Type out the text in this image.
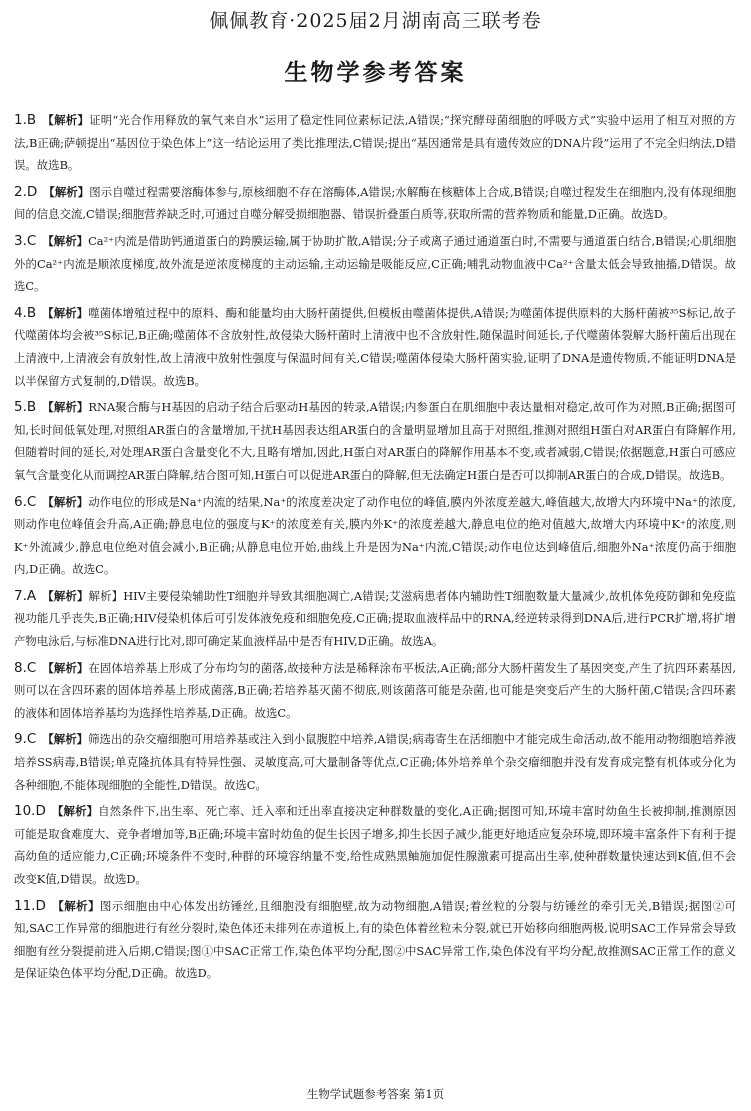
佩佩教育·2025届2月湖南高三联考卷
生物学参考答案

1.B 【解析】证明“光合作用释放的氧气来自水”运用了稳定性同位素标记法,A错误;“探究酵母菌细胞的呼吸方式”实验中运用了相互对照的方法,B正确;萨顿提出“基因位于染色体上”这一结论运用了类比推理法,C错误;提出“基因通常是具有遗传效应的DNA片段”运用了不完全归纳法,D错误。故选B。

2.D 【解析】图示自噬过程需要溶酶体参与,原核细胞不存在溶酶体,A错误;水解酶在核糖体上合成,B错误;自噬过程发生在细胞内,没有体现细胞间的信息交流,C错误;细胞营养缺乏时,可通过自噬分解受损细胞器、错误折叠蛋白质等,获取所需的营养物质和能量,D正确。故选D。

3.C 【解析】Ca²⁺内流是借助钙通道蛋白的跨膜运输,属于协助扩散,A错误;分子或离子通过通道蛋白时,不需要与通道蛋白结合,B错误;心肌细胞外的Ca²⁺内流是顺浓度梯度,故外流是逆浓度梯度的主动运输,主动运输是吸能反应,C正确;哺乳动物血液中Ca²⁺含量太低会导致抽搐,D错误。故选C。

4.B 【解析】噬菌体增殖过程中的原料、酶和能量均由大肠杆菌提供,但模板由噬菌体提供,A错误;为噬菌体提供原料的大肠杆菌被³⁵S标记,故子代噬菌体均会被³⁵S标记,B正确;噬菌体不含放射性,故侵染大肠杆菌时上清液中也不含放射性,随保温时间延长,子代噬菌体裂解大肠杆菌后出现在上清液中,上清液会有放射性,故上清液中放射性强度与保温时间有关,C错误;噬菌体侵染大肠杆菌实验,证明了DNA是遗传物质,不能证明DNA是以半保留方式复制的,D错误。故选B。

5.B 【解析】RNA聚合酶与H基因的启动子结合后驱动H基因的转录,A错误;内参蛋白在肌细胞中表达量相对稳定,故可作为对照,B正确;据图可知,长时间低氧处理,对照组AR蛋白的含量增加,干扰H基因表达组AR蛋白的含量明显增加且高于对照组,推测对照组H蛋白对AR蛋白有降解作用,但随着时间的延长,对处理AR蛋白含量变化不大,且略有增加,因此,H蛋白对AR蛋白的降解作用基本不变,或者减弱,C错误;依据题意,H蛋白可感应氧气含量变化从而调控AR蛋白降解,结合图可知,H蛋白可以促进AR蛋白的降解,但无法确定H蛋白是否可以抑制AR蛋白的合成,D错误。故选B。

6.C 【解析】动作电位的形成是Na⁺内流的结果,Na⁺的浓度差决定了动作电位的峰值,膜内外浓度差越大,峰值越大,故增大内环境中Na⁺的浓度,则动作电位峰值会升高,A正确;静息电位的强度与K⁺的浓度差有关,膜内外K⁺的浓度差越大,静息电位的绝对值越大,故增大内环境中K⁺的浓度,则K⁺外流减少,静息电位绝对值会减小,B正确;从静息电位开始,曲线上升是因为Na⁺内流,C错误;动作电位达到峰值后,细胞外Na⁺浓度仍高于细胞内,D正确。故选C。

7.A 【解析】解析】HIV主要侵染辅助性T细胞并导致其细胞凋亡,A错误;艾滋病患者体内辅助性T细胞数量大量减少,故机体免疫防御和免疫监视功能几乎丧失,B正确;HIV侵染机体后可引发体液免疫和细胞免疫,C正确;提取血液样品中的RNA,经逆转录得到DNA后,进行PCR扩增,将扩增产物电泳后,与标准DNA进行比对,即可确定某血液样品中是否有HIV,D正确。故选A。

8.C 【解析】在固体培养基上形成了分布均匀的菌落,故接种方法是稀释涂布平板法,A正确;部分大肠杆菌发生了基因突变,产生了抗四环素基因,则可以在含四环素的固体培养基上形成菌落,B正确;若培养基灭菌不彻底,则该菌落可能是杂菌,也可能是突变后产生的大肠杆菌,C错误;含四环素的液体和固体培养基均为选择性培养基,D正确。故选C。

9.C 【解析】筛选出的杂交瘤细胞可用培养基或注入到小鼠腹腔中培养,A错误;病毒寄生在活细胞中才能完成生命活动,故不能用动物细胞培养液培养SS病毒,B错误;单克隆抗体具有特异性强、灵敏度高,可大量制备等优点,C正确;体外培养单个杂交瘤细胞并没有发育成完整有机体或分化为各种细胞,不能体现细胞的全能性,D错误。故选C。

10.D 【解析】自然条件下,出生率、死亡率、迁入率和迁出率直接决定种群数量的变化,A正确;据图可知,环境丰富时幼鱼生长被抑制,推测原因可能是取食难度大、竞争者增加等,B正确;环境丰富时幼鱼的促生长因子增多,抑生长因子减少,能更好地适应复杂环境,即环境丰富条件下有利于提高幼鱼的适应能力,C正确;环境条件不变时,种群的环境容纳量不变,给性成熟黑鲉施加促性腺激素可提高出生率,使种群数量快速达到K值,但不会改变K值,D错误。故选D。

11.D 【解析】图示细胞由中心体发出纺锤丝,且细胞没有细胞壁,故为动物细胞,A错误;着丝粒的分裂与纺锤丝的牵引无关,B错误;据图②可知,SAC工作异常的细胞进行有丝分裂时,染色体还未排列在赤道板上,有的染色体着丝粒未分裂,就已开始移向细胞两极,说明SAC工作异常会导致细胞有丝分裂提前进入后期,C错误;图①中SAC正常工作,染色体平均分配,图②中SAC异常工作,染色体没有平均分配,故推测SAC正常工作的意义是保证染色体平均分配,D正确。故选D。

生物学试题参考答案 第1页
